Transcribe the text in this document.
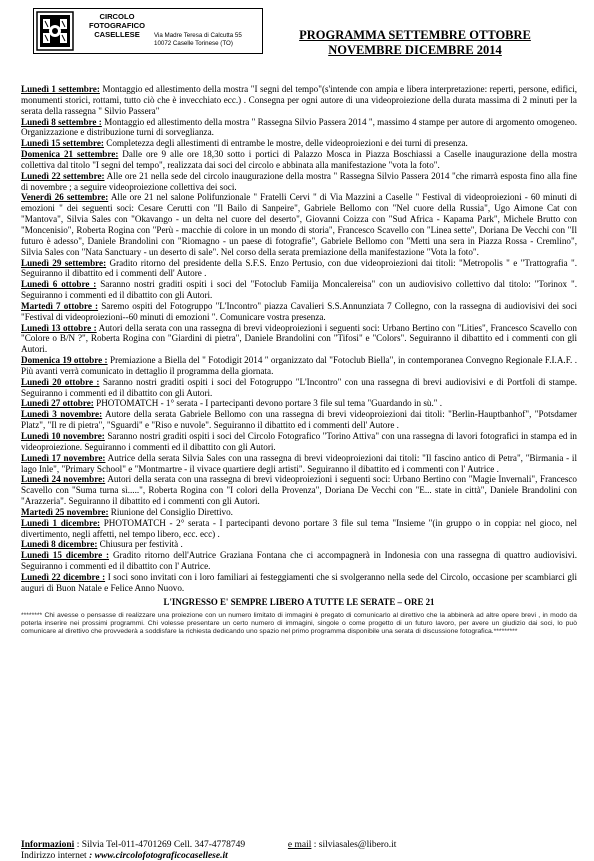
CIRCOLO
FOTOGRAFICO
CASELLESE	Via Madre Teresa di Calcutta 55
10072 Caselle Torinese (TO)
PROGRAMMA SETTEMBRE OTTOBRE
NOVEMBRE DICEMBRE 2014

Lunedì 1 settembre: Montaggio ed allestimento della mostra "I segni del tempo"(s'intende con ampia e libera interpretazione: reperti, persone, edifici, monumenti storici, rottami, tutto ciò che è invecchiato ecc.) . Consegna per ogni autore di una videoproiezione della durata massima di 2 minuti per la serata della rassegna " Silvio Passera"

Lunedì 8 settembre : Montaggio ed allestimento della mostra " Rassegna Silvio Passera 2014 ", massimo 4 stampe per autore di argomento omogeneo. Organizzazione e distribuzione turni di sorveglianza.

Lunedì 15 settembre: Completezza degli allestimenti di entrambe le mostre, delle videoproiezioni e dei turni di presenza.

Domenica 21 settembre: Dalle ore 9 alle ore 18,30 sotto i portici di Palazzo Mosca in Piazza Boschiassi a Caselle inaugurazione della mostra collettiva dal titolo "I segni del tempo", realizzata dai soci del circolo e abbinata alla manifestazione "vota la foto".

Lunedì 22 settembre: Alle ore 21 nella sede del circolo inaugurazione della mostra " Rassegna Silvio Passera 2014 "che rimarrà esposta fino alla fine di novembre ; a seguire videoproiezione collettiva dei soci.

Venerdì 26 settembre: Alle ore 21 nel salone Polifunzionale " Fratelli Cervi " di Via Mazzini a Caselle " Festival di videoproiezioni - 60 minuti di emozioni " dei seguenti soci: Cesare Cerutti con "Il Bailo di Sanpeire", Gabriele Bellomo con "Nel cuore della Russia", Ugo Aimone Cat con "Mantova", Silvia Sales con "Okavango - un delta nel cuore del deserto", Giovanni Coizza con "Sud Africa - Kapama Park", Michele Brutto con "Moncenisio", Roberta Rogina con "Perù - macchie di colore in un mondo di storia", Francesco Scavello con "Linea sette", Doriana De Vecchi con "Il futuro è adesso", Daniele Brandolini con "Riomagno - un paese di fotografie", Gabriele Bellomo con "Metti una sera in Piazza Rossa - Cremlino", Silvia Sales con "Nata Sanctuary - un deserto di sale". Nel corso della serata premiazione della manifestazione "Vota la foto".

Lunedì 29 settembre: Gradito ritorno del presidente della S.F.S. Enzo Pertusio, con due videoproiezioni dai titoli: "Metropolis " e "Trattografia ". Seguiranno il dibattito ed i commenti dell' Autore .

Lunedì 6 ottobre : Saranno nostri graditi ospiti i soci del "Fotoclub Famiija Moncalereisa" con un audiovisivo collettivo dal titolo: "Torinox ". Seguiranno i commenti ed il dibattito con gli Autori.

Martedì 7 ottobre : Saremo ospiti del Fotogruppo "L'Incontro" piazza Cavalieri S.S.Annunziata 7 Collegno, con la rassegna di audiovisivi dei soci "Festival di videoproiezioni--60 minuti di emozioni ". Comunicare vostra presenza.

Lunedì 13 ottobre : Autori della serata con una rassegna di brevi videoproiezioni i seguenti soci: Urbano Bertino con "Lities", Francesco Scavello con "Colore o B/N ?", Roberta Rogina con "Giardini di pietra", Daniele Brandolini con "Tifosi" e "Colors". Seguiranno il dibattito ed i commenti con gli Autori.

Domenica 19 ottobre : Premiazione a Biella del " Fotodigit 2014 " organizzato dal "Fotoclub Biella", in contemporanea Convegno Regionale F.I.A.F. . Più avanti verrà comunicato in dettaglio il programma della giornata.

Lunedì 20 ottobre : Saranno nostri graditi ospiti i soci del Fotogruppo "L'Incontro" con una rassegna di brevi audiovisivi e di Portfoli di stampe. Seguiranno i commenti ed il dibattito con gli Autori.

Lunedì 27 ottobre: PHOTOMATCH - 1° serata - I partecipanti devono portare 3 file sul tema "Guardando in sù." .

Lunedì 3 novembre: Autore della serata Gabriele Bellomo con una rassegna di brevi videoproiezioni dai titoli: "Berlin-Hauptbanhof", "Potsdamer Platz", "Il re di pietra", "Sguardi" e "Riso e nuvole". Seguiranno il dibattito ed i commenti dell' Autore .

Lunedì 10 novembre: Saranno nostri graditi ospiti i soci del Circolo Fotografico "Torino Attiva" con una rassegna di lavori fotografici in stampa ed in videoproiezione. Seguiranno i commenti ed il dibattito con gli Autori.

Lunedì 17 novembre: Autrice della serata Silvia Sales con una rassegna di brevi videoproiezioni dai titoli: "Il fascino antico di Petra", "Birmania - il lago Inle", "Primary School" e "Montmartre - il vivace quartiere degli artisti". Seguiranno il dibattito ed i commenti con l' Autrice .

Lunedì 24 novembre: Autori della serata con una rassegna di brevi videoproiezioni i seguenti soci: Urbano Bertino con "Magie Invernali", Francesco Scavello con "Suma turna sì.....", Roberta Rogina con "I colori della Provenza", Doriana De Vecchi con "E... state in città", Daniele Brandolini con "Arazzeria". Seguiranno il dibattito ed i commenti con gli Autori.

Martedì 25 novembre: Riunione del Consiglio Direttivo.

Lunedì 1 dicembre: PHOTOMATCH - 2° serata - I partecipanti devono portare 3 file sul tema "Insieme "(in gruppo o in coppia: nel gioco, nel divertimento, negli affetti, nel tempo libero, ecc. ecc) .

Lunedì 8 dicembre: Chiusura per festività .

Lunedì 15 dicembre : Gradito ritorno dell'Autrice Graziana Fontana che ci accompagnerà in Indonesia con una rassegna di quattro audiovisivi. Seguiranno i commenti ed il dibattito con l' Autrice.

Lunedì 22 dicembre : I soci sono invitati con i loro familiari ai festeggiamenti che si svolgeranno nella sede del Circolo, occasione per scambiarci gli auguri di Buon Natale e Felice Anno Nuovo.

L'INGRESSO E' SEMPRE LIBERO A TUTTE LE SERATE – ORE 21
******** Chi avesse o pensasse di realizzare una proiezione con un numero limitato di immagini è pregato di comunicarlo al direttivo che la abbinerà ad altre opere brevi , in modo da poterla inserire nei prossimi programmi. Chi volesse presentare un certo numero di immagini, singole o come progetto di un futuro lavoro, per avere un giudizio dai soci, lo può comunicare al direttivo che provvederà a soddisfare la richiesta dedicando uno spazio nel primo programma disponibile una serata di discussione fotografica.*********
Informazioni : Silvia Tel-011-4701269 Cell. 347-4778749	e mail : silviasales@libero.it
Indirizzo internet : www.circolofotograficocasellese.it
